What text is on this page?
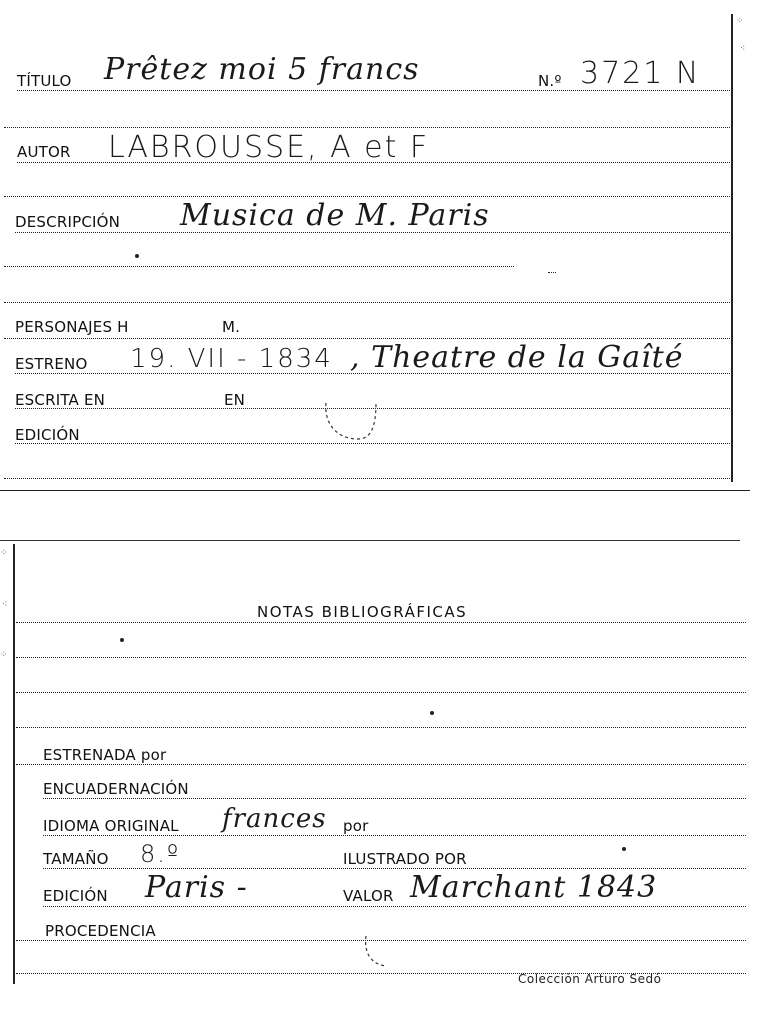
⁘
⁖
TÍTULO Prêtez moi 5 francs	N.º 3721 N
AUTOR LABROUSSE, A et F
DESCRIPCIÓN Musica de M. Paris
PERSONAJES H	M.
ESTRENO 19. VII - 1834 , Theatre de la Gaîté
ESCRITA EN	EN
EDICIÓN
⁘
⁖
⁘
NOTAS BIBLIOGRÁFICAS
ESTRENADA por
ENCUADERNACIÓN
IDIOMA ORIGINAL frances por
TAMAÑO 8.º	ILUSTRADO POR
EDICIÓN Paris -	VALOR Marchant 1843
PROCEDENCIA
Colección Arturo Sedó
